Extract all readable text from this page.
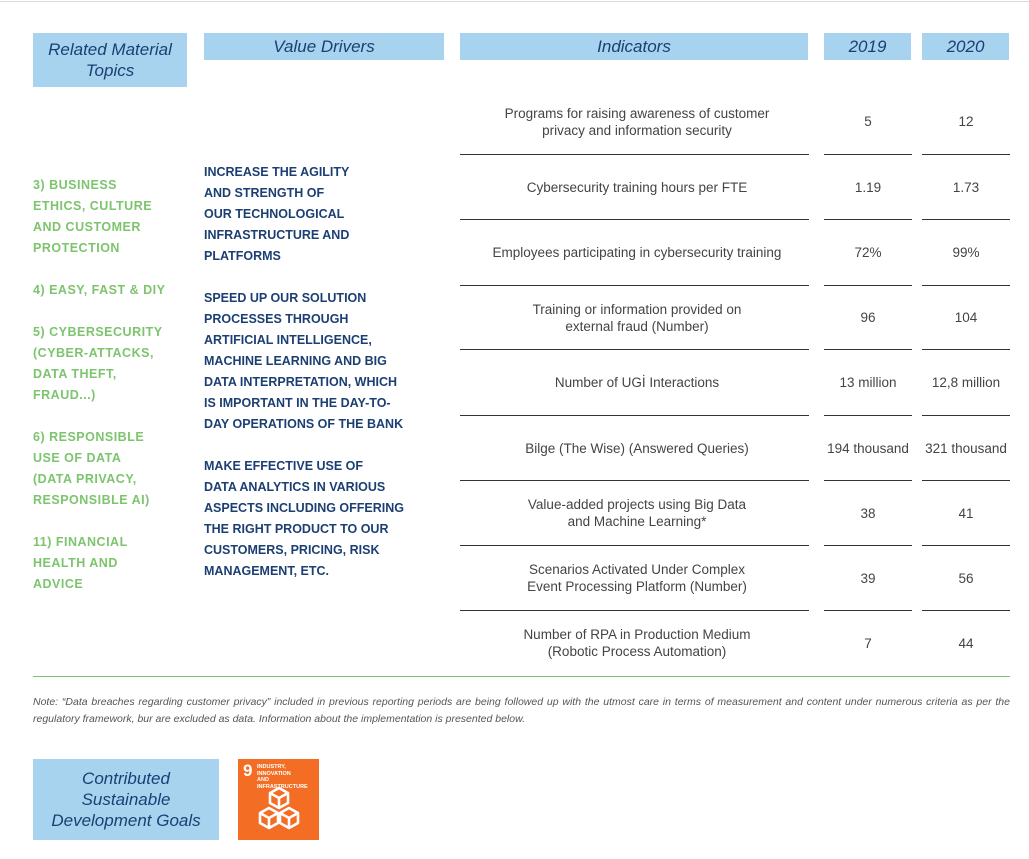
Related Material Topics
Value Drivers	Indicators	2019	2020
3) BUSINESS
ETHICS, CULTURE
AND CUSTOMER
PROTECTION
4) EASY, FAST & DIY
5) CYBERSECURITY
(CYBER-ATTACKS,
DATA THEFT,
FRAUD...)
6) RESPONSIBLE
USE OF DATA
(DATA PRIVACY,
RESPONSIBLE AI)
11) FINANCIAL
HEALTH AND
ADVICE
INCREASE THE AGILITY
AND STRENGTH OF
OUR TECHNOLOGICAL
INFRASTRUCTURE AND
PLATFORMS
SPEED UP OUR SOLUTION
PROCESSES THROUGH
ARTIFICIAL INTELLIGENCE,
MACHINE LEARNING AND BIG
DATA INTERPRETATION, WHICH
IS IMPORTANT IN THE DAY-TO-
DAY OPERATIONS OF THE BANK
MAKE EFFECTIVE USE OF
DATA ANALYTICS IN VARIOUS
ASPECTS INCLUDING OFFERING
THE RIGHT PRODUCT TO OUR
CUSTOMERS, PRICING, RISK
MANAGEMENT, ETC.
Programs for raising awareness of customer
privacy and information security
5	12
Cybersecurity training hours per FTE	1.19	1.73
Employees participating in cybersecurity training	72%	99%
Training or information provided on
external fraud (Number)
96	104
Number of UGİ Interactions	13 million	12,8 million
Bilge (The Wise) (Answered Queries)	194 thousand	321 thousand
Value-added projects using Big Data
and Machine Learning*
38	41
Scenarios Activated Under Complex
Event Processing Platform (Number)
39	56
Number of RPA in Production Medium
(Robotic Process Automation)
7	44
Note: “Data breaches regarding customer privacy” included in previous reporting periods are being followed up with the utmost care in terms of measurement and content under numerous criteria as per the regulatory framework, bur are excluded as data. Information about the implementation is presented below.
Contributed
Sustainable
Development Goals
9 INDUSTRY, INNOVATION
AND INFRASTRUCTURE
